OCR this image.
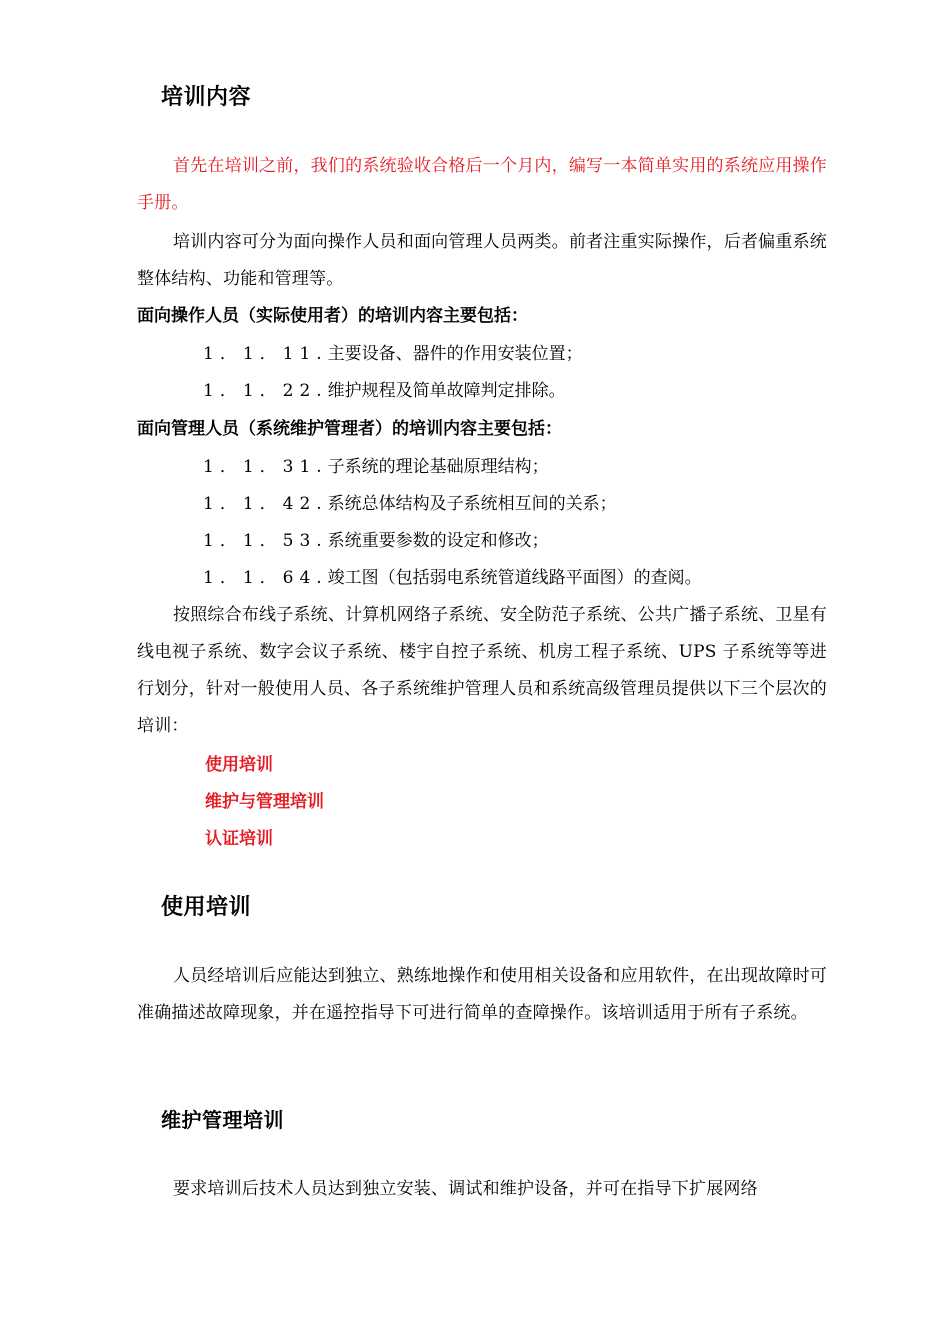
培训内容
首先在培训之前，我们的系统验收合格后一个月内，编写一本简单实用的系统应用操作手册。
培训内容可分为面向操作人员和面向管理人员两类。前者注重实际操作，后者偏重系统整体结构、功能和管理等。
面向操作人员（实际使用者）的培训内容主要包括：
1．1．11.主要设备、器件的作用安装位置；
1．1．22.维护规程及简单故障判定排除。
面向管理人员（系统维护管理者）的培训内容主要包括：
1．1．31.子系统的理论基础原理结构；
1．1．42.系统总体结构及子系统相互间的关系；
1．1．53.系统重要参数的设定和修改；
1．1．64.竣工图（包括弱电系统管道线路平面图）的查阅。
按照综合布线子系统、计算机网络子系统、安全防范子系统、公共广播子系统、卫星有线电视子系统、数字会议子系统、楼宇自控子系统、机房工程子系统、UPS 子系统等等进行划分，针对一般使用人员、各子系统维护管理人员和系统高级管理员提供以下三个层次的培训：
使用培训
维护与管理培训
认证培训
使用培训
人员经培训后应能达到独立、熟练地操作和使用相关设备和应用软件，在出现故障时可准确描述故障现象，并在遥控指导下可进行简单的查障操作。该培训适用于所有子系统。
维护管理培训
要求培训后技术人员达到独立安装、调试和维护设备，并可在指导下扩展网络
